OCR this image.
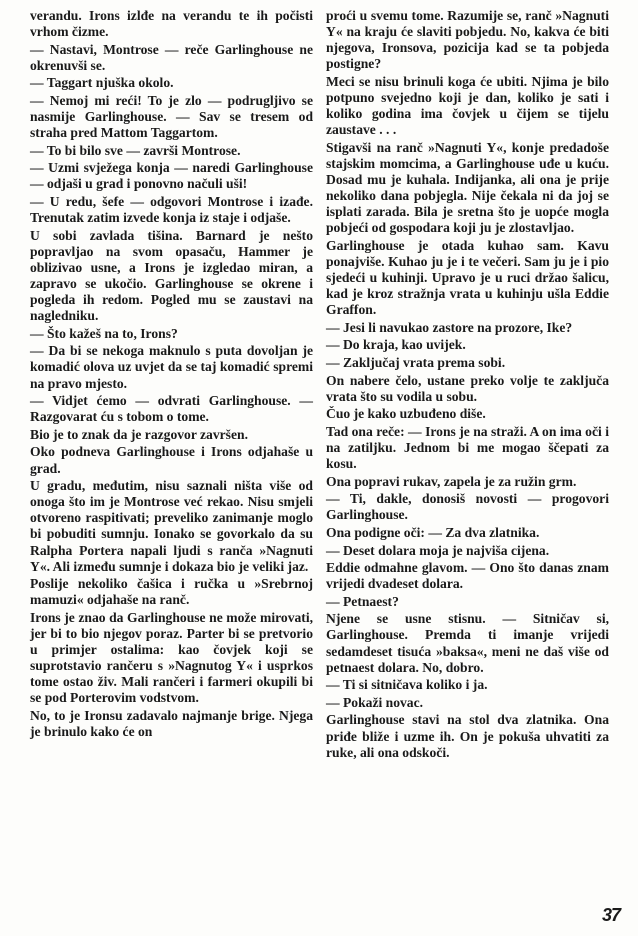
verandu. Irons izlđe na verandu te ih počisti vrhom čizme.

— Nastavi, Montrose — reče Garlinghouse ne okrenuvši se.

— Taggart njuška okolo.

— Nemoj mi reći! To je zlo — podrugljivo se nasmije Garlinghouse. — Sav se tresem od straha pred Mattom Taggartom.

— To bi bilo sve — završi Montrose.

— Uzmi svježega konja — naredi Garlinghouse — odjaši u grad i ponovno načuli uši!

— U redu, šefe — odgovori Montrose i izađe. Trenutak zatim izvede konja iz staje i odjaše.

U sobi zavlada tišina. Barnard je nešto popravljao na svom opasaču, Hammer je oblizivao usne, a Irons je izgledao miran, a zapravo se ukočio. Garlinghouse se okrene i pogleda ih redom. Pogled mu se zaustavi na nagledniku.

— Što kažeš na to, Irons?

— Da bi se nekoga maknulo s puta dovoljan je komadić olova uz uvjet da se taj komadić spremi na pravo mjesto.

— Vidjet ćemo — odvrati Garlinghouse. — Razgovarat ću s tobom o tome.

Bio je to znak da je razgovor završen.

Oko podneva Garlinghouse i Irons odjahaše u grad.

U gradu, međutim, nisu saznali ništa više od onoga što im je Montrose već rekao. Nisu smjeli otvoreno raspitivati; preveliko zanimanje moglo bi pobuditi sumnju. Ionako se govorkalo da su Ralpha Portera napali ljudi s ranča »Nagnuti Y«. Ali između sumnje i dokaza bio je veliki jaz.

Poslije nekoliko čašica i ručka u »Srebrnoj mamuzi« odjahaše na ranč.

Irons je znao da Garlinghouse ne može mirovati, jer bi to bio njegov poraz. Parter bi se pretvorio u primjer ostalima: kao čovjek koji se suprotstavio rančeru s »Nagnutog Y« i usprkos tome ostao živ. Mali rančeri i farmeri okupili bi se pod Porterovim vodstvom.

No, to je Ironsu zadavalo najmanje brige. Njega je brinulo kako će on

proći u svemu tome. Razumije se, ranč »Nagnuti Y« na kraju će slaviti pobjedu. No, kakva će biti njegova, Ironsova, pozicija kad se ta pobjeda postigne?

Meci se nisu brinuli koga će ubiti. Njima je bilo potpuno svejedno koji je dan, koliko je sati i koliko godina ima čovjek u čijem se tijelu zaustave . . .

Stigavši na ranč »Nagnuti Y«, konje predadoše stajskim momcima, a Garlinghouse uđe u kuću. Dosad mu je kuhala. Indijanka, ali ona je prije nekoliko dana pobjegla. Nije čekala ni da joj se isplati zarada. Bila je sretna što je uopće mogla pobjeći od gospodara koji ju je zlostavljao.

Garlinghouse je otada kuhao sam. Kavu ponajviše. Kuhao ju je i te večeri. Sam ju je i pio sjedeći u kuhinji. Upravo je u ruci držao šalicu, kad je kroz stražnja vrata u kuhinju ušla Eddie Graffon.

— Jesi li navukao zastore na prozore, Ike?

— Do kraja, kao uvijek.

— Zaključaj vrata prema sobi.

On nabere čelo, ustane preko volje te zaključa vrata što su vodila u sobu.

Čuo je kako uzbuđeno diše.

Tad ona reče: — Irons je na straži. A on ima oči i na zatiljku. Jednom bi me mogao ščepati za kosu.

Ona popravi rukav, zapela je za ružin grm.

— Ti, dakle, donosiš novosti — progovori Garlinghouse.

Ona podigne oči: — Za dva zlatnika.

— Deset dolara moja je najviša cijena.

Eddie odmahne glavom. — Ono što danas znam vrijedi dvadeset dolara.

— Petnaest?

Njene se usne stisnu. — Sitničav si, Garlinghouse. Premda ti imanje vrijedi sedamdeset tisuća »baksa«, meni ne daš više od petnaest dolara. No, dobro.

— Ti si sitničava koliko i ja.

— Pokaži novac.

Garlinghouse stavi na stol dva zlatnika. Ona priđe bliže i uzme ih. On je pokuša uhvatiti za ruke, ali ona odskoči.

37
